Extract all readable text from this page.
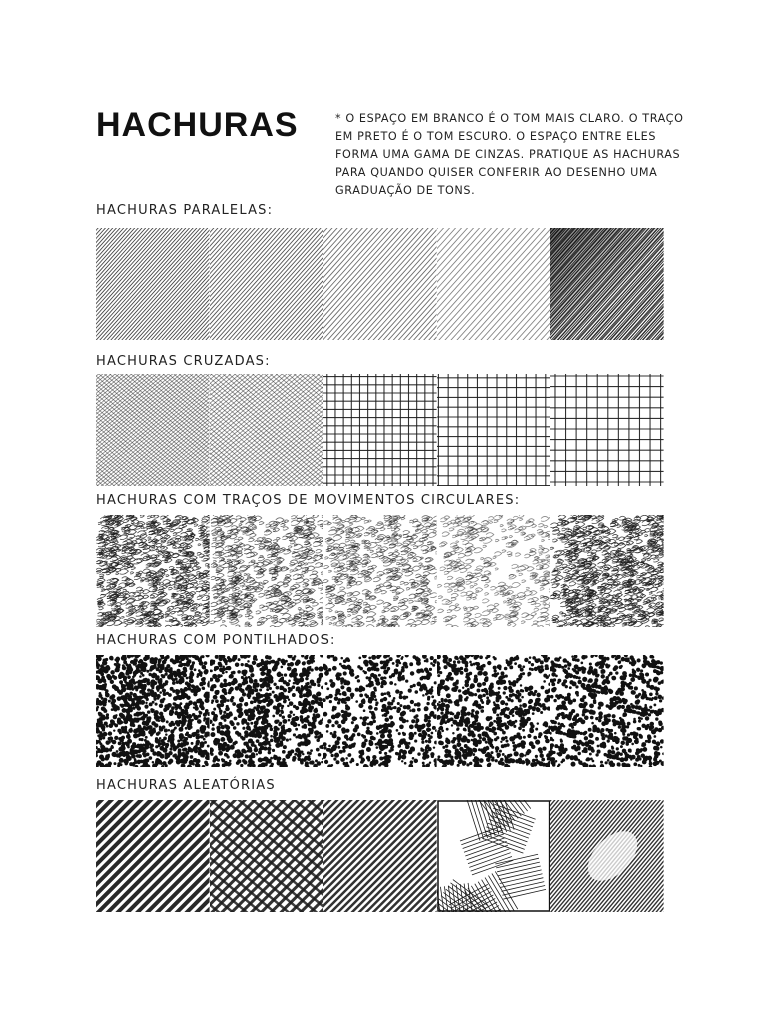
HACHURAS	* O ESPAÇO EM BRANCO É O TOM MAIS CLARO. O TRAÇO EM PRETO É O TOM ESCURO. O ESPAÇO ENTRE ELES FORMA UMA GAMA DE CINZAS. PRATIQUE AS HACHURAS PARA QUANDO QUISER CONFERIR AO DESENHO UMA GRADUAÇÃO DE TONS.
HACHURAS PARALELAS:
HACHURAS CRUZADAS:
HACHURAS COM TRAÇOS DE MOVIMENTOS CIRCULARES:
HACHURAS COM PONTILHADOS:
HACHURAS ALEATÓRIAS
